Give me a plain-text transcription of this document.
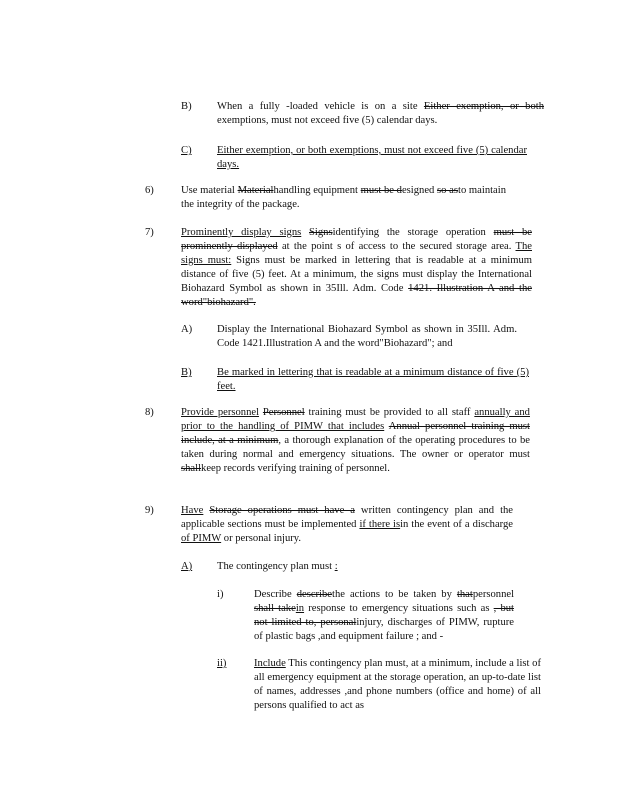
B)	When a fully -loaded vehicle is on a site Either exemption, or both exemptions, must not exceed five (5) calendar days.
C)	Either exemption, or both exemptions, must not exceed five (5) calendar days.
6)	Use material Materialhandling equipment must be designed so asto maintain the integrity of the package.
7)	Prominently display signs Signsidentifying the storage operation must be prominently displayed at the point s of access to the secured storage area. The signs must: Signs must be marked in lettering that is readable at a minimum distance of five (5) feet. At a minimum, the signs must display the International Biohazard Symbol as shown in 35Ill. Adm. Code 1421. Illustration A and the word"biohazard".
A)	Display the International Biohazard Symbol as shown in 35Ill. Adm. Code 1421.Illustration A and the word"Biohazard"; and
B)	Be marked in lettering that is readable at a minimum distance of five (5) feet.
8)	Provide personnel Personnel training must be provided to all staff annually and prior to the handling of PIMW that includes Annual personnel training must include, at a minimum, a thorough explanation of the operating procedures to be taken during normal and emergency situations. The owner or operator must shallkeep records verifying training of personnel.
9)	Have Storage operations must have a written contingency plan and the applicable sections must be implemented if there isin the event of a discharge of PIMW or personal injury.
A)	The contingency plan must :
i)	Describe describethe actions to be taken by thatpersonnel shall takein response to emergency situations such as , but not limited to, personalinjury, discharges of PIMW, rupture of plastic bags ,and equipment failure ; and -
ii)	Include This contingency plan must, at a minimum, include a list of all emergency equipment at the storage operation, an up-to-date list of names, addresses ,and phone numbers (office and home) of all persons qualified to act as
